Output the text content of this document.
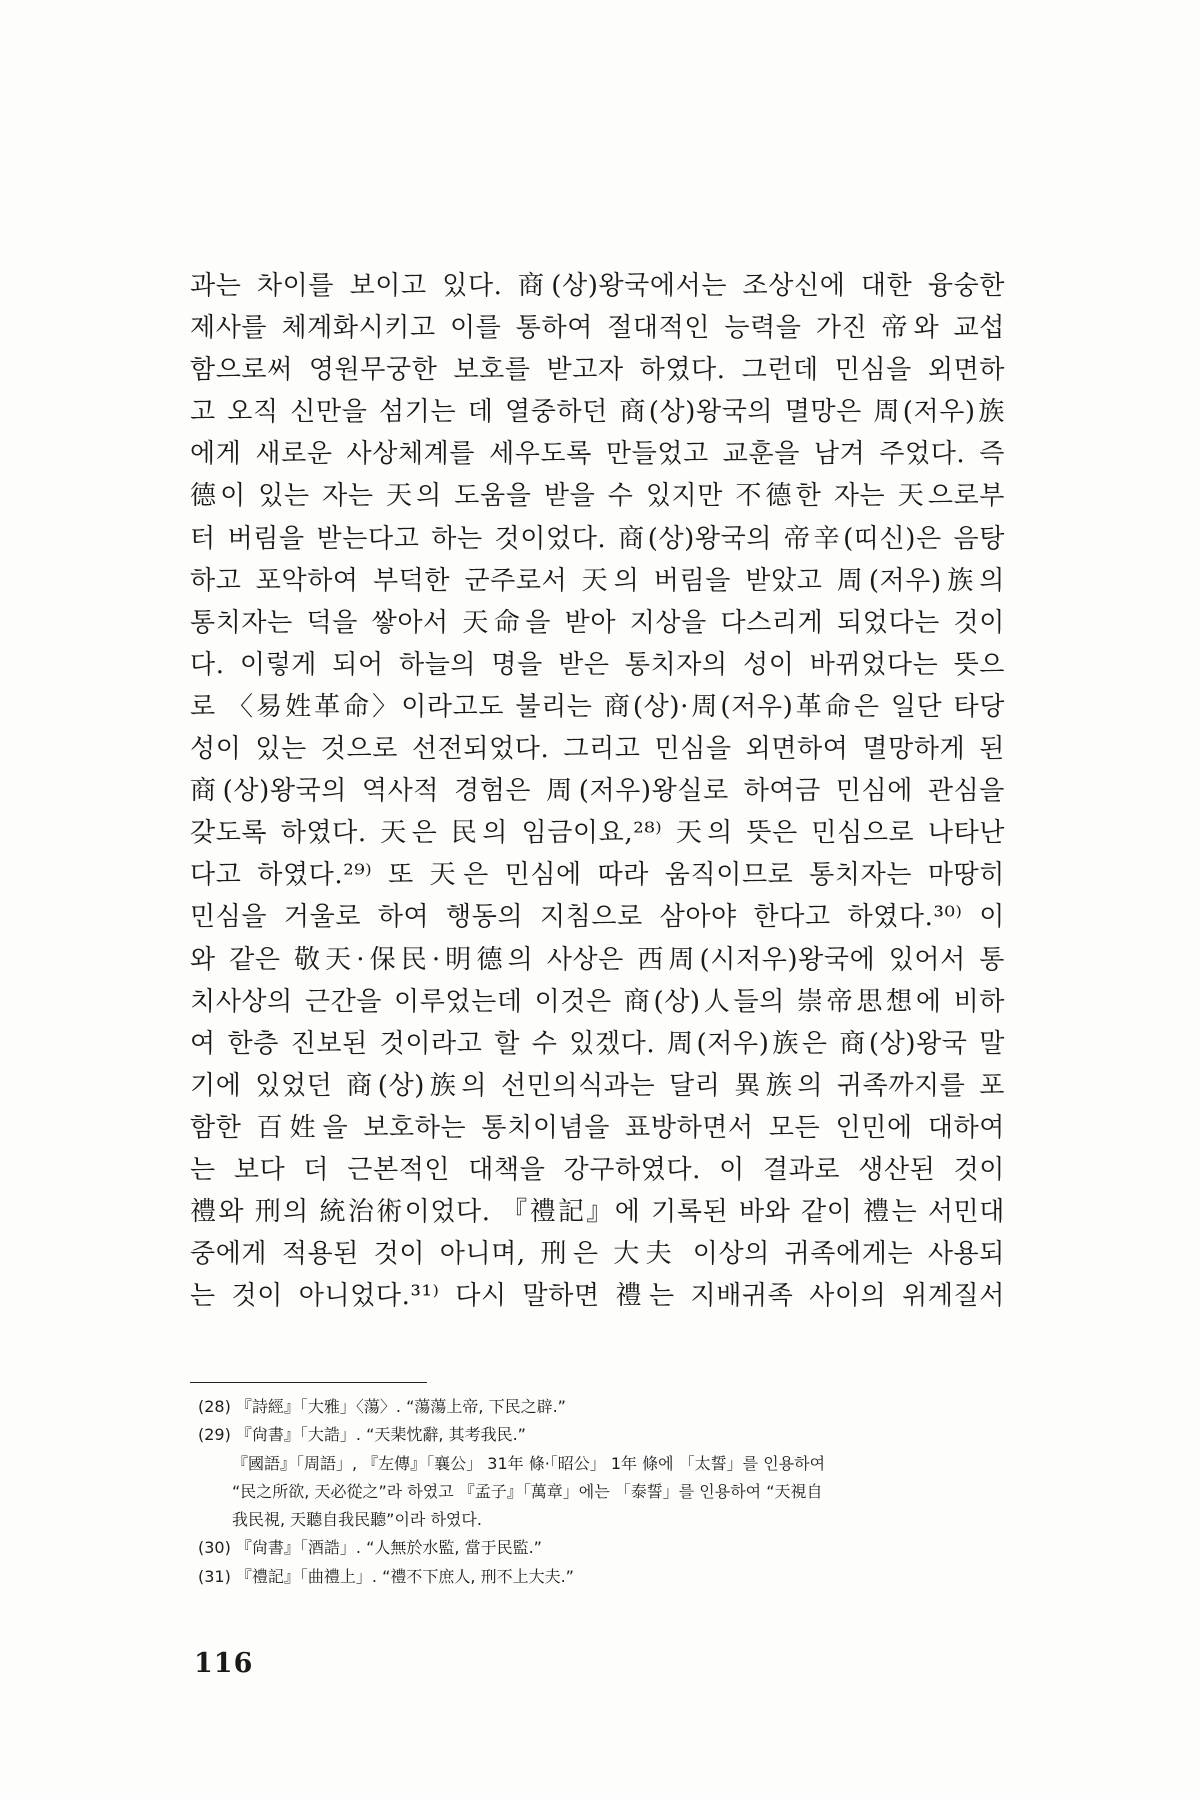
과는 차이를 보이고 있다. 商(상)왕국에서는 조상신에 대한 융숭한
제사를 체계화시키고 이를 통하여 절대적인 능력을 가진 帝와 교섭
함으로써 영원무궁한 보호를 받고자 하였다. 그런데 민심을 외면하
고 오직 신만을 섬기는 데 열중하던 商(상)왕국의 멸망은 周(저우)族
에게 새로운 사상체계를 세우도록 만들었고 교훈을 남겨 주었다. 즉
德이 있는 자는 天의 도움을 받을 수 있지만 不德한 자는 天으로부
터 버림을 받는다고 하는 것이었다. 商(상)왕국의 帝辛(띠신)은 음탕
하고 포악하여 부덕한 군주로서 天의 버림을 받았고 周(저우)族의
통치자는 덕을 쌓아서 天命을 받아 지상을 다스리게 되었다는 것이
다. 이렇게 되어 하늘의 명을 받은 통치자의 성이 바뀌었다는 뜻으
로 〈易姓革命〉이라고도 불리는 商(상)·周(저우)革命은 일단 타당
성이 있는 것으로 선전되었다. 그리고 민심을 외면하여 멸망하게 된
商(상)왕국의 역사적 경험은 周(저우)왕실로 하여금 민심에 관심을
갖도록 하였다. 天은 民의 임금이요,²⁸⁾ 天의 뜻은 민심으로 나타난
다고 하였다.²⁹⁾ 또 天은 민심에 따라 움직이므로 통치자는 마땅히
민심을 거울로 하여 행동의 지침으로 삼아야 한다고 하였다.³⁰⁾ 이
와 같은 敬天·保民·明德의 사상은 西周(시저우)왕국에 있어서 통
치사상의 근간을 이루었는데 이것은 商(상)人들의 崇帝思想에 비하
여 한층 진보된 것이라고 할 수 있겠다. 周(저우)族은 商(상)왕국 말
기에 있었던 商(상)族의 선민의식과는 달리 異族의 귀족까지를 포
함한 百姓을 보호하는 통치이념을 표방하면서 모든 인민에 대하여
는 보다 더 근본적인 대책을 강구하였다. 이 결과로 생산된 것이
禮와 刑의 統治術이었다. 『禮記』에 기록된 바와 같이 禮는 서민대
중에게 적용된 것이 아니며, 刑은 大夫 이상의 귀족에게는 사용되
는 것이 아니었다.³¹⁾ 다시 말하면 禮는 지배귀족 사이의 위계질서
(28) 『詩經』「大雅」〈蕩〉. “蕩蕩上帝, 下民之辟.”
(29) 『尙書』「大誥」. “天棐忱辭, 其考我民.”
『國語』「周語」, 『左傳』「襄公」 31年 條·「昭公」 1年 條에 「太誓」를 인용하여
“民之所欲, 天必從之”라 하였고 『孟子』「萬章」에는 「泰誓」를 인용하여 “天視自
我民視, 天聽自我民聽”이라 하였다.
(30) 『尙書』「酒誥」. “人無於水監, 當于民監.”
(31) 『禮記』「曲禮上」. “禮不下庶人, 刑不上大夫.”
116
